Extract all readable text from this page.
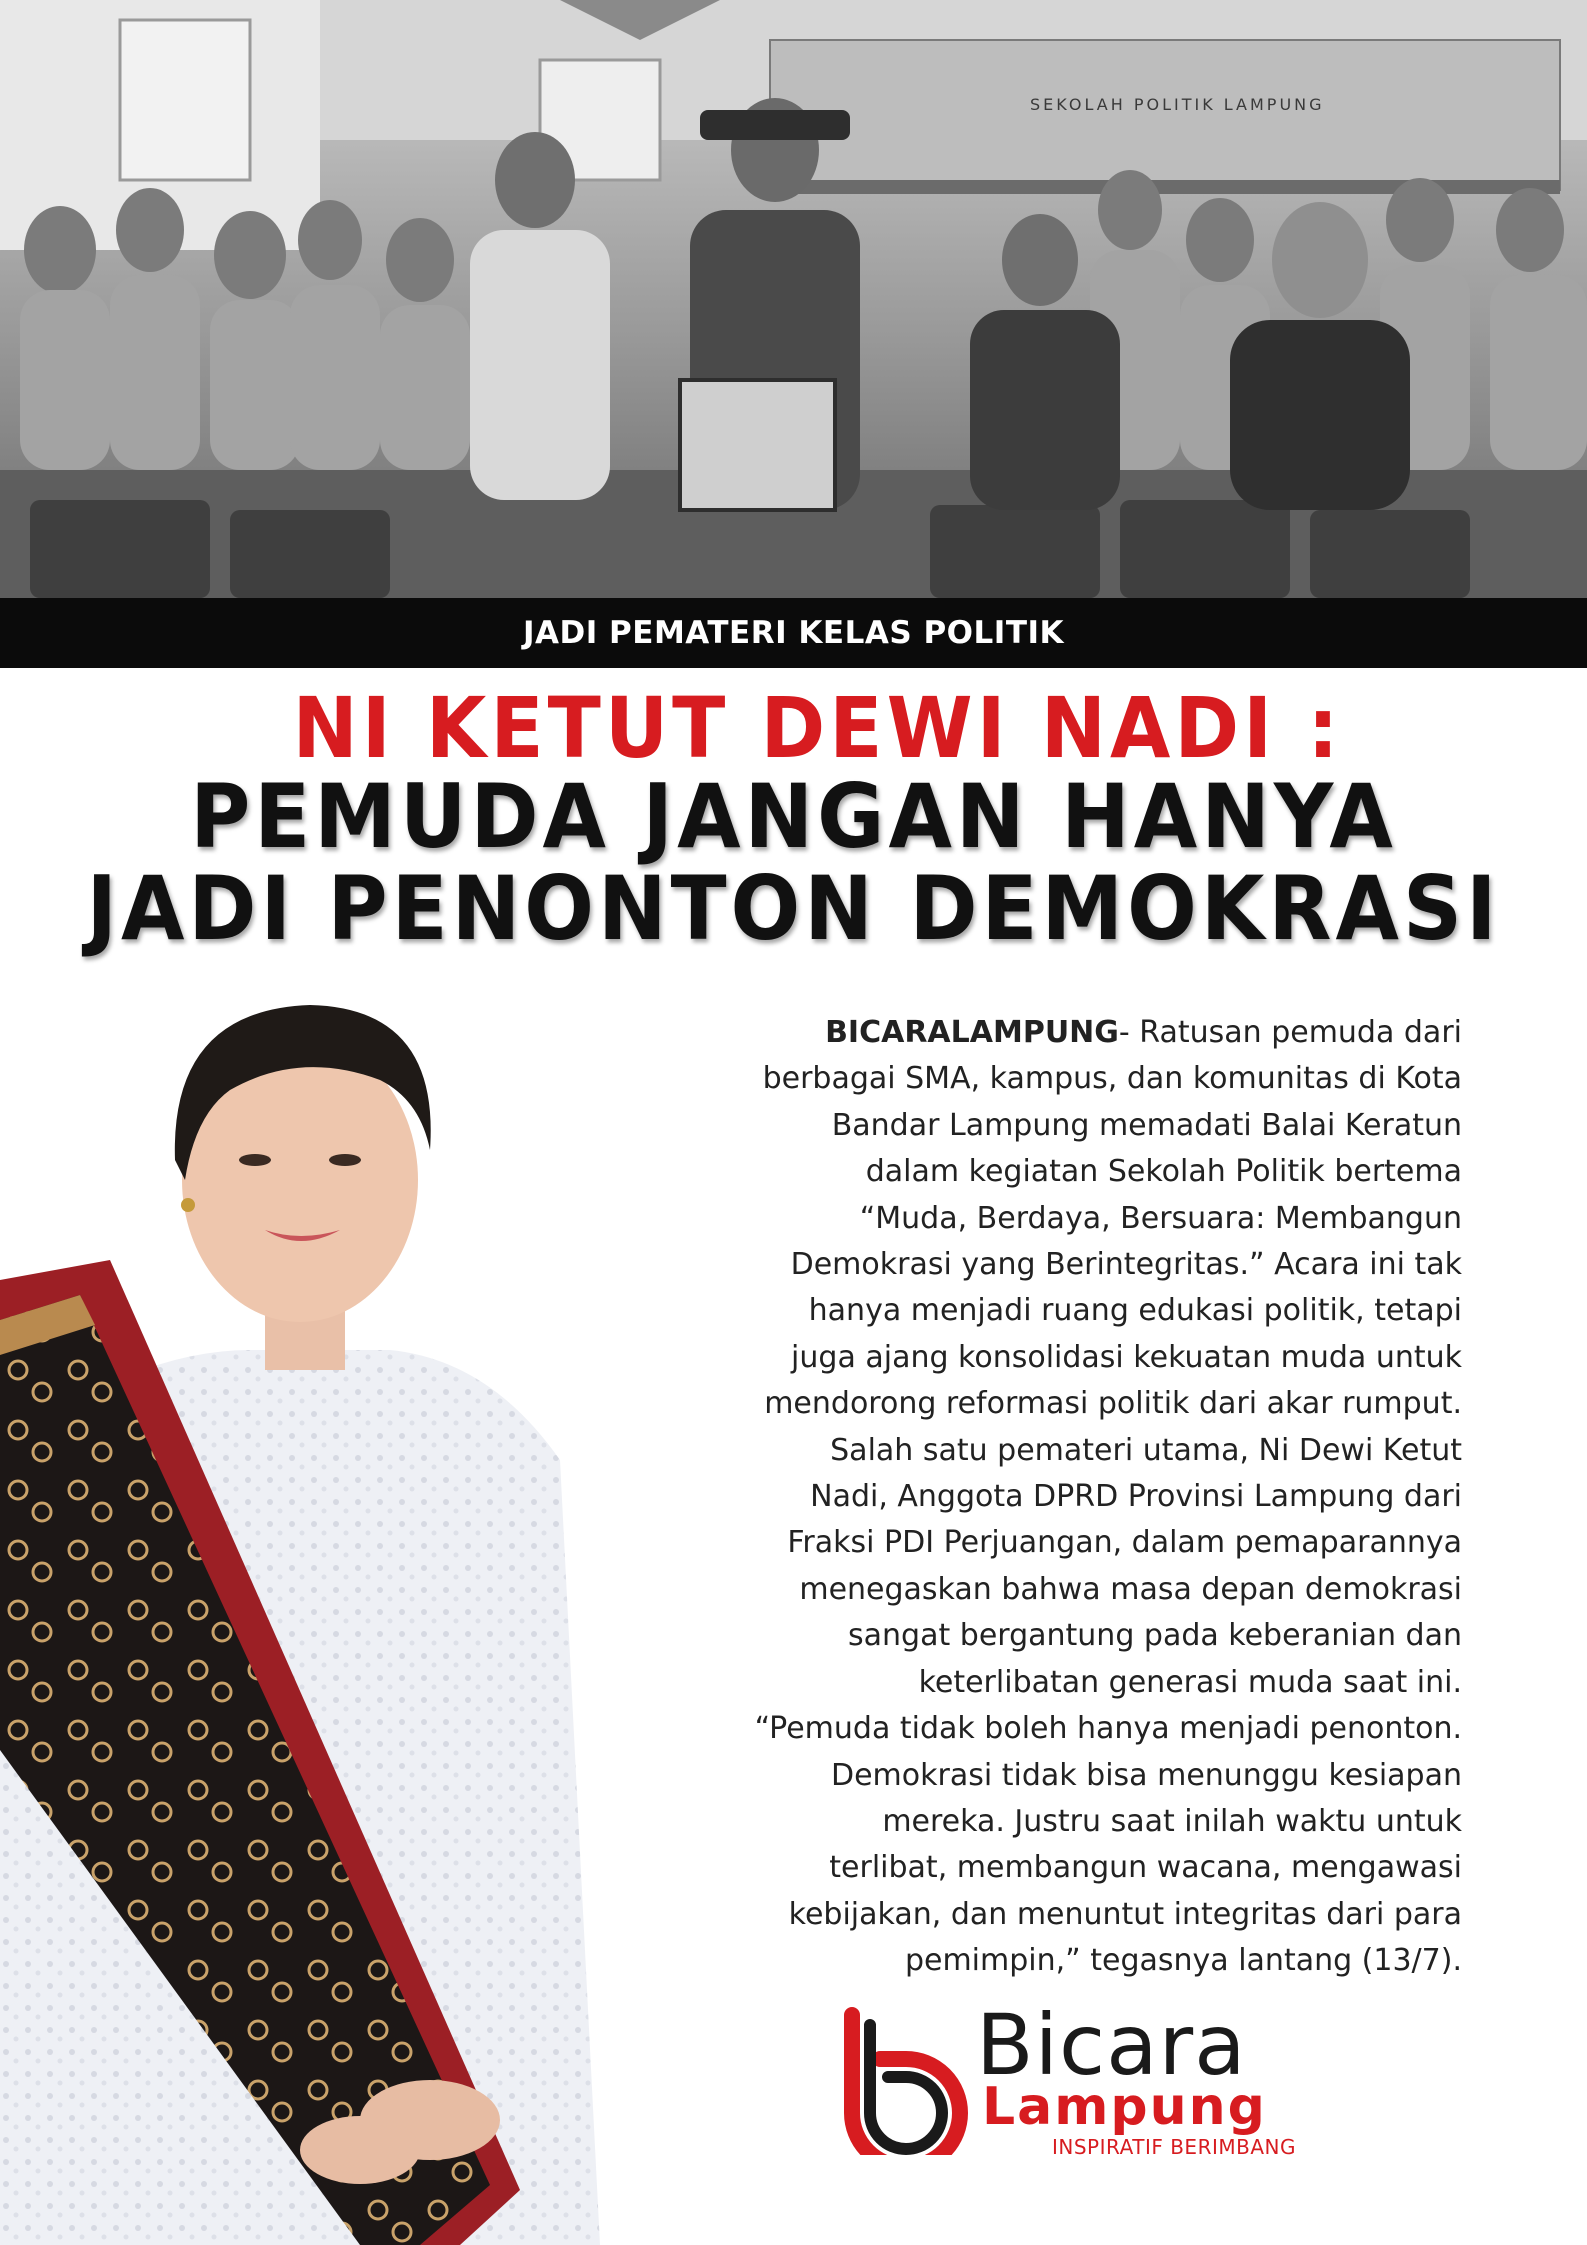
SEKOLAH POLITIK LAMPUNG
JADI PEMATERI KELAS POLITIK
NI KETUT DEWI NADI :
PEMUDA JANGAN HANYA
JADI PENONTON DEMOKRASI

BICARALAMPUNG- Ratusan pemuda dari
berbagai SMA, kampus, dan komunitas di Kota
Bandar Lampung memadati Balai Keratun
dalam kegiatan Sekolah Politik bertema
“Muda, Berdaya, Bersuara: Membangun
Demokrasi yang Berintegritas.” Acara ini tak
hanya menjadi ruang edukasi politik, tetapi
juga ajang konsolidasi kekuatan muda untuk
mendorong reformasi politik dari akar rumput.
Salah satu pemateri utama, Ni Dewi Ketut
Nadi, Anggota DPRD Provinsi Lampung dari
Fraksi PDI Perjuangan, dalam pemaparannya
menegaskan bahwa masa depan demokrasi
sangat bergantung pada keberanian dan
keterlibatan generasi muda saat ini.
“Pemuda tidak boleh hanya menjadi penonton.
Demokrasi tidak bisa menunggu kesiapan
mereka. Justru saat inilah waktu untuk
terlibat, membangun wacana, mengawasi
kebijakan, dan menuntut integritas dari para
pemimpin,” tegasnya lantang (13/7).

Bicara
Lampung
INSPIRATIF BERIMBANG
